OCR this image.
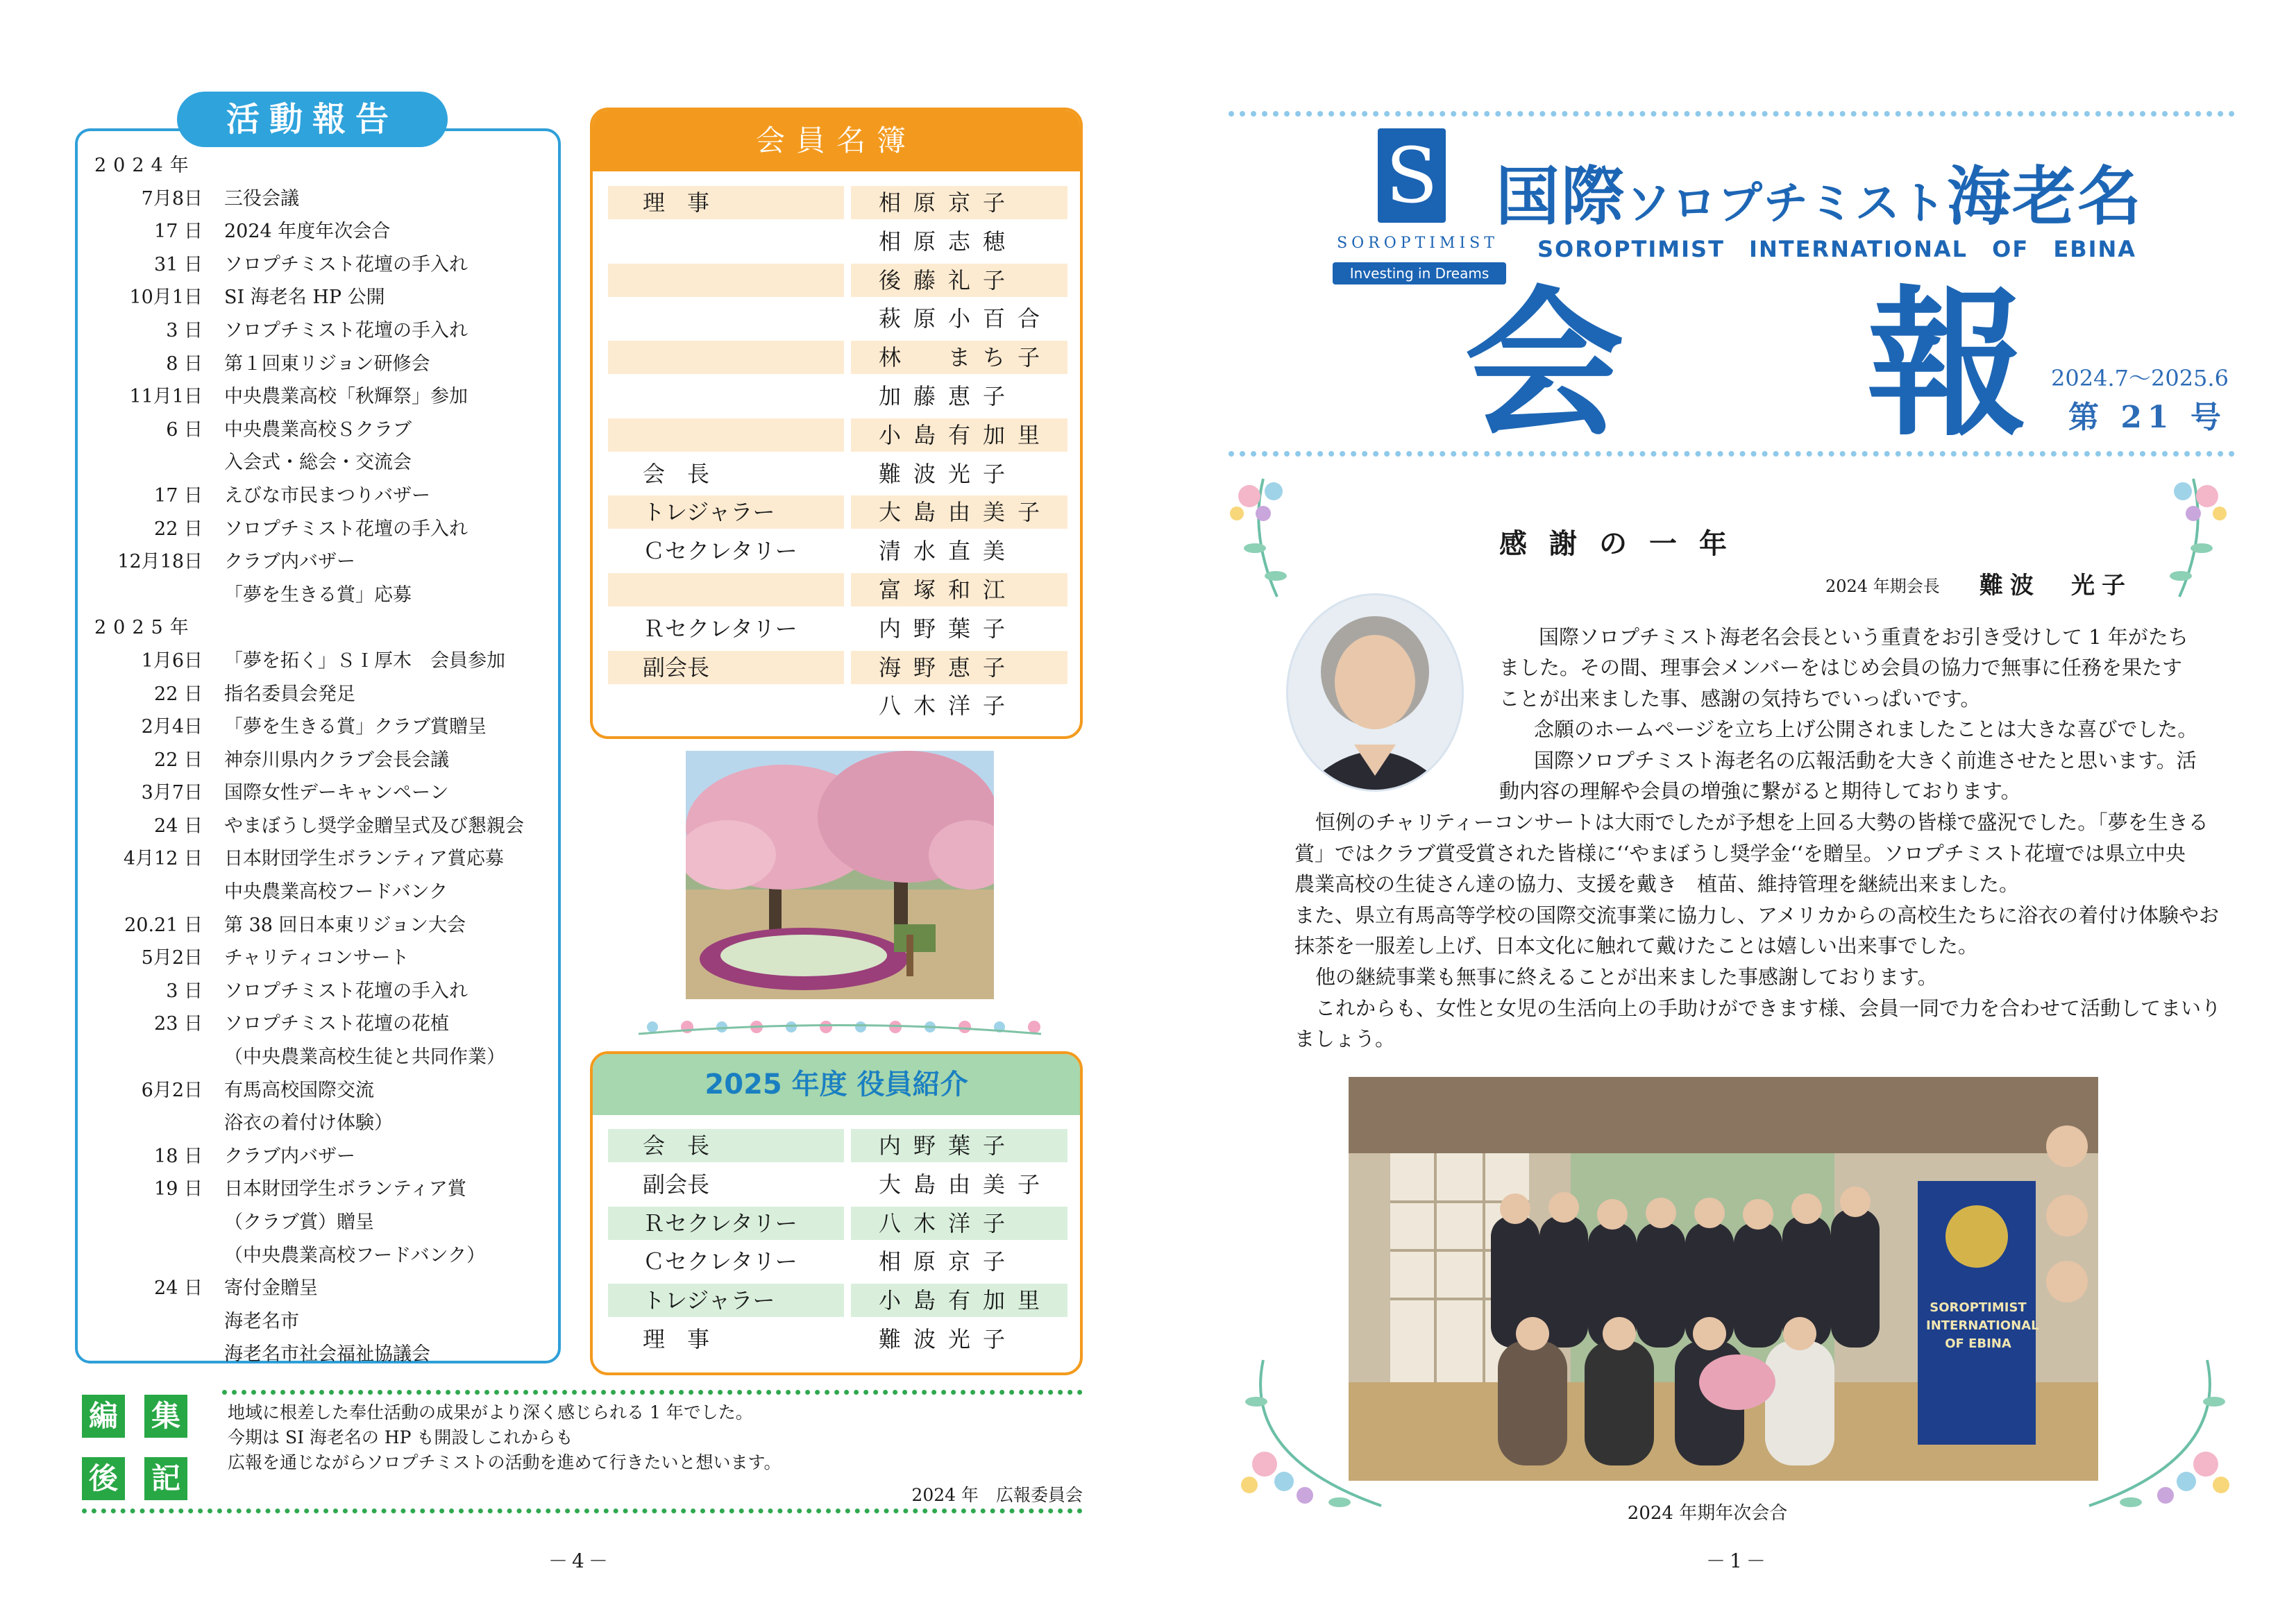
活動報告
2024年
7月8日 三役会議
17 日 2024 年度年次会合
31 日 ソロプチミスト花壇の手入れ
10月1日 SI 海老名 HP 公開
3 日 ソロプチミスト花壇の手入れ
8 日 第１回東リジョン研修会
11月1日 中央農業高校「秋輝祭」参加
6 日 中央農業高校Ｓクラブ
入会式・総会・交流会
17 日 えびな市民まつりバザー
22 日 ソロプチミスト花壇の手入れ
12月18日 クラブ内バザー
「夢を生きる賞」応募
2025年
1月6日 「夢を拓く」ＳＩ厚木　会員参加
22 日 指名委員会発足
2月4日 「夢を生きる賞」クラブ賞贈呈
22 日 神奈川県内クラブ会長会議
3月7日 国際女性デーキャンペーン
24 日 やまぼうし奨学金贈呈式及び懇親会
4月12 日 日本財団学生ボランティア賞応募
中央農業高校フードバンク
20.21 日 第 38 回日本東リジョン大会
5月2日 チャリティコンサート
3 日 ソロプチミスト花壇の手入れ
23 日 ソロプチミスト花壇の花植
（中央農業高校生徒と共同作業）
6月2日 有馬高校国際交流
浴衣の着付け体験）
18 日 クラブ内バザー
19 日 日本財団学生ボランティア賞
（クラブ賞）贈呈
（中央農業高校フードバンク）
24 日 寄付金贈呈
海老名市
海老名市社会福祉協議会
会員名簿
理　事	相原京子
相原志穂
後藤礼子
萩原小百合
林　まち子
加藤恵子
小島有加里
会　長	難波光子
トレジャラー	大島由美子
Ｃセクレタリー	清水直美
富塚和江
Ｒセクレタリー	内野葉子
副会長	海野恵子
八木洋子
2025 年度 役員紹介
会　長	内野葉子
副会長	大島由美子
Ｒセクレタリー	八木洋子
Ｃセクレタリー	相原京子
トレジャラー	小島有加里
理　事	難波光子
編 集
後 記
地域に根差した奉仕活動の成果がより深く感じられる 1 年でした。
今期は SI 海老名の HP も開設しこれからも
広報を通じながらソロプチミストの活動を進めて行きたいと想います。
2024 年　広報委員会
－4－
S
SOROPTIMIST
Investing in Dreams
国際ソロプチミスト海老名
SOROPTIMIST INTERNATIONAL OF EBINA
会 報 2024.7～2025.6
第 21 号
感謝の一年
2024 年期会長 難波　光子
国際ソロプチミスト海老名会長という重責をお引き受けして 1 年がたち
ました。その間、理事会メンバーをはじめ会員の協力で無事に任務を果たす
ことが出来ました事、感謝の気持ちでいっぱいです。
念願のホームページを立ち上げ公開されましたことは大きな喜びでした。
国際ソロプチミスト海老名の広報活動を大きく前進させたと思います。活
動内容の理解や会員の増強に繋がると期待しております。
恒例のチャリティーコンサートは大雨でしたが予想を上回る大勢の皆様で盛況でした。「夢を生きる
賞」ではクラブ賞受賞された皆様に‘‘やまぼうし奨学金‘‘を贈呈。ソロプチミスト花壇では県立中央
農業高校の生徒さん達の協力、支援を戴き　植苗、維持管理を継続出来ました。
また、県立有馬高等学校の国際交流事業に協力し、アメリカからの高校生たちに浴衣の着付け体験やお
抹茶を一服差し上げ、日本文化に触れて戴けたことは嬉しい出来事でした。
他の継続事業も無事に終えることが出来ました事感謝しております。
これからも、女性と女児の生活向上の手助けができます様、会員一同で力を合わせて活動してまいり
ましょう。
SOROPTIMIST INTERNATIONAL OF EBINA
2024 年期年次会合
－1－
